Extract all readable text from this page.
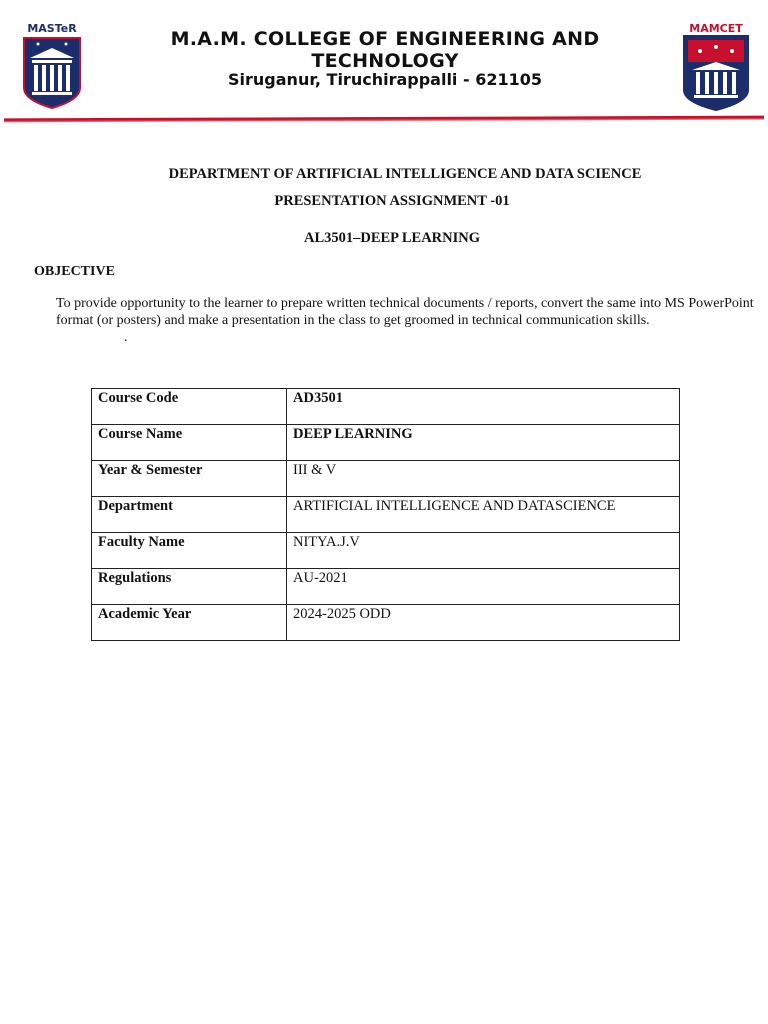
MASTeR	M.A.M. COLLEGE OF ENGINEERING AND TECHNOLOGY
Siruganur, Tiruchirappalli - 621105
MAMCET
DEPARTMENT OF ARTIFICIAL INTELLIGENCE AND DATA SCIENCE
PRESENTATION ASSIGNMENT -01
AL3501–DEEP LEARNING
OBJECTIVE
To provide opportunity to the learner to prepare written technical documents / reports, convert the same into MS PowerPoint format (or posters) and make a presentation in the class to get groomed in technical communication skills.
.
Course Code	AD3501
Course Name	DEEP LEARNING
Year & Semester	III & V
Department	ARTIFICIAL INTELLIGENCE AND DATASCIENCE
Faculty Name	NITYA.J.V
Regulations	AU-2021
Academic Year	2024-2025 ODD
